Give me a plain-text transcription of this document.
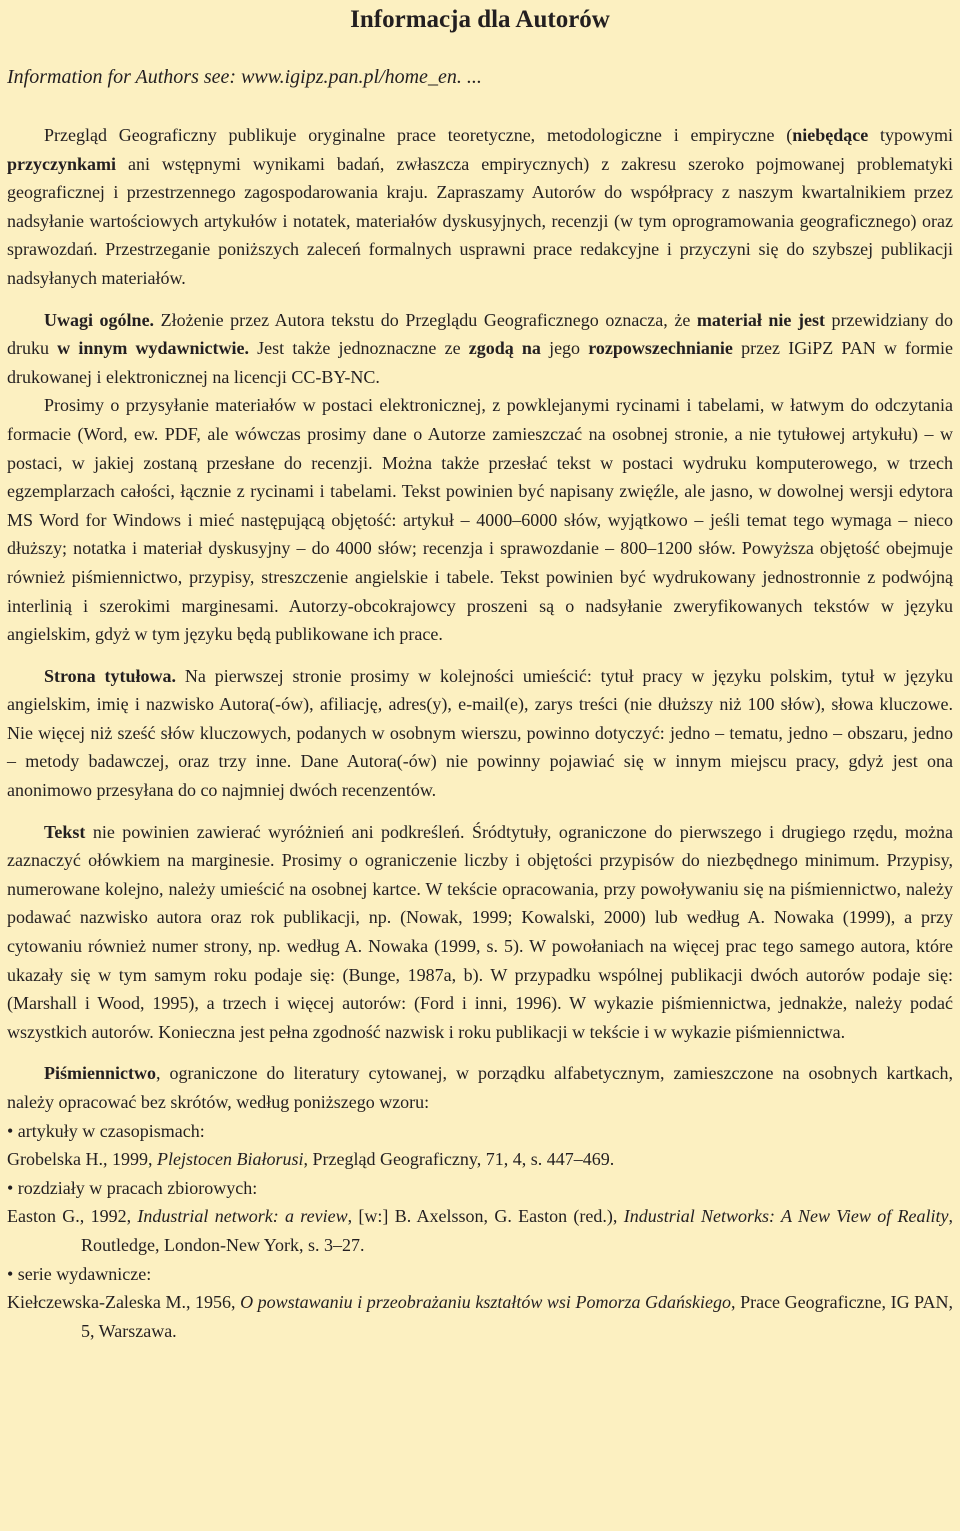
Informacja dla Autorów
Information for Authors see: www.igipz.pan.pl/home_en. ...

Przegląd Geograficzny publikuje oryginalne prace teoretyczne, metodologiczne i empiryczne (niebędące typowymi przyczynkami ani wstępnymi wynikami badań, zwłaszcza empirycznych) z zakresu szeroko pojmowanej problematyki geograficznej i przestrzennego zagospodarowania kraju. Zapraszamy Autorów do współpracy z naszym kwartalnikiem przez nadsyłanie wartościowych artykułów i notatek, materiałów dyskusyjnych, recenzji (w tym oprogramowania geograficznego) oraz sprawozdań. Przestrzeganie poniższych zaleceń formalnych usprawni prace redakcyjne i przyczyni się do szybszej publikacji nadsyłanych materiałów.

Uwagi ogólne. Złożenie przez Autora tekstu do Przeglądu Geograficznego oznacza, że materiał nie jest przewidziany do druku w innym wydawnictwie. Jest także jednoznaczne ze zgodą na jego rozpowszechnianie przez IGiPZ PAN w formie drukowanej i elektronicznej na licencji CC-BY-NC.

Prosimy o przysyłanie materiałów w postaci elektronicznej, z powklejanymi rycinami i tabelami, w łatwym do odczytania formacie (Word, ew. PDF, ale wówczas prosimy dane o Autorze zamieszczać na osobnej stronie, a nie tytułowej artykułu) – w postaci, w jakiej zostaną przesłane do recenzji. Można także przesłać tekst w postaci wydruku komputerowego, w trzech egzemplarzach całości, łącznie z rycinami i tabelami. Tekst powinien być napisany zwięźle, ale jasno, w dowolnej wersji edytora MS Word for Windows i mieć następującą objętość: artykuł – 4000–6000 słów, wyjątkowo – jeśli temat tego wymaga – nieco dłuższy; notatka i materiał dyskusyjny – do 4000 słów; recenzja i sprawozdanie – 800–1200 słów. Powyższa objętość obejmuje również piśmiennictwo, przypisy, streszczenie angielskie i tabele. Tekst powinien być wydrukowany jednostronnie z podwójną interlinią i szerokimi marginesami. Autorzy-obcokrajowcy proszeni są o nadsyłanie zweryfikowanych tekstów w języku angielskim, gdyż w tym języku będą publikowane ich prace.

Strona tytułowa. Na pierwszej stronie prosimy w kolejności umieścić: tytuł pracy w języku polskim, tytuł w języku angielskim, imię i nazwisko Autora(-ów), afiliację, adres(y), e-mail(e), zarys treści (nie dłuższy niż 100 słów), słowa kluczowe. Nie więcej niż sześć słów kluczowych, podanych w osobnym wierszu, powinno dotyczyć: jedno – tematu, jedno – obszaru, jedno – metody badawczej, oraz trzy inne. Dane Autora(-ów) nie powinny pojawiać się w innym miejscu pracy, gdyż jest ona anonimowo przesyłana do co najmniej dwóch recenzentów.

Tekst nie powinien zawierać wyróżnień ani podkreśleń. Śródtytuły, ograniczone do pierwszego i drugiego rzędu, można zaznaczyć ołówkiem na marginesie. Prosimy o ograniczenie liczby i objętości przypisów do niezbędnego minimum. Przypisy, numerowane kolejno, należy umieścić na osobnej kartce. W tekście opracowania, przy powoływaniu się na piśmiennictwo, należy podawać nazwisko autora oraz rok publikacji, np. (Nowak, 1999; Kowalski, 2000) lub według A. Nowaka (1999), a przy cytowaniu również numer strony, np. według A. Nowaka (1999, s. 5). W powołaniach na więcej prac tego samego autora, które ukazały się w tym samym roku podaje się: (Bunge, 1987a, b). W przypadku wspólnej publikacji dwóch autorów podaje się: (Marshall i Wood, 1995), a trzech i więcej autorów: (Ford i inni, 1996). W wykazie piśmiennictwa, jednakże, należy podać wszystkich autorów. Konieczna jest pełna zgodność nazwisk i roku publikacji w tekście i w wykazie piśmiennictwa.

Piśmiennictwo, ograniczone do literatury cytowanej, w porządku alfabetycznym, zamieszczone na osobnych kartkach, należy opracować bez skrótów, według poniższego wzoru:

• artykuły w czasopismach:
Grobelska H., 1999, Plejstocen Białorusi, Przegląd Geograficzny, 71, 4, s. 447–469.
• rozdziały w pracach zbiorowych:
Easton G., 1992, Industrial network: a review, [w:] B. Axelsson, G. Easton (red.), Industrial Networks: A New View of Reality, Routledge, London-New York, s. 3–27.
• serie wydawnicze:
Kiełczewska-Zaleska M., 1956, O powstawaniu i przeobrażaniu kształtów wsi Pomorza Gdańskiego, Prace Geograficzne, IG PAN, 5, Warszawa.
